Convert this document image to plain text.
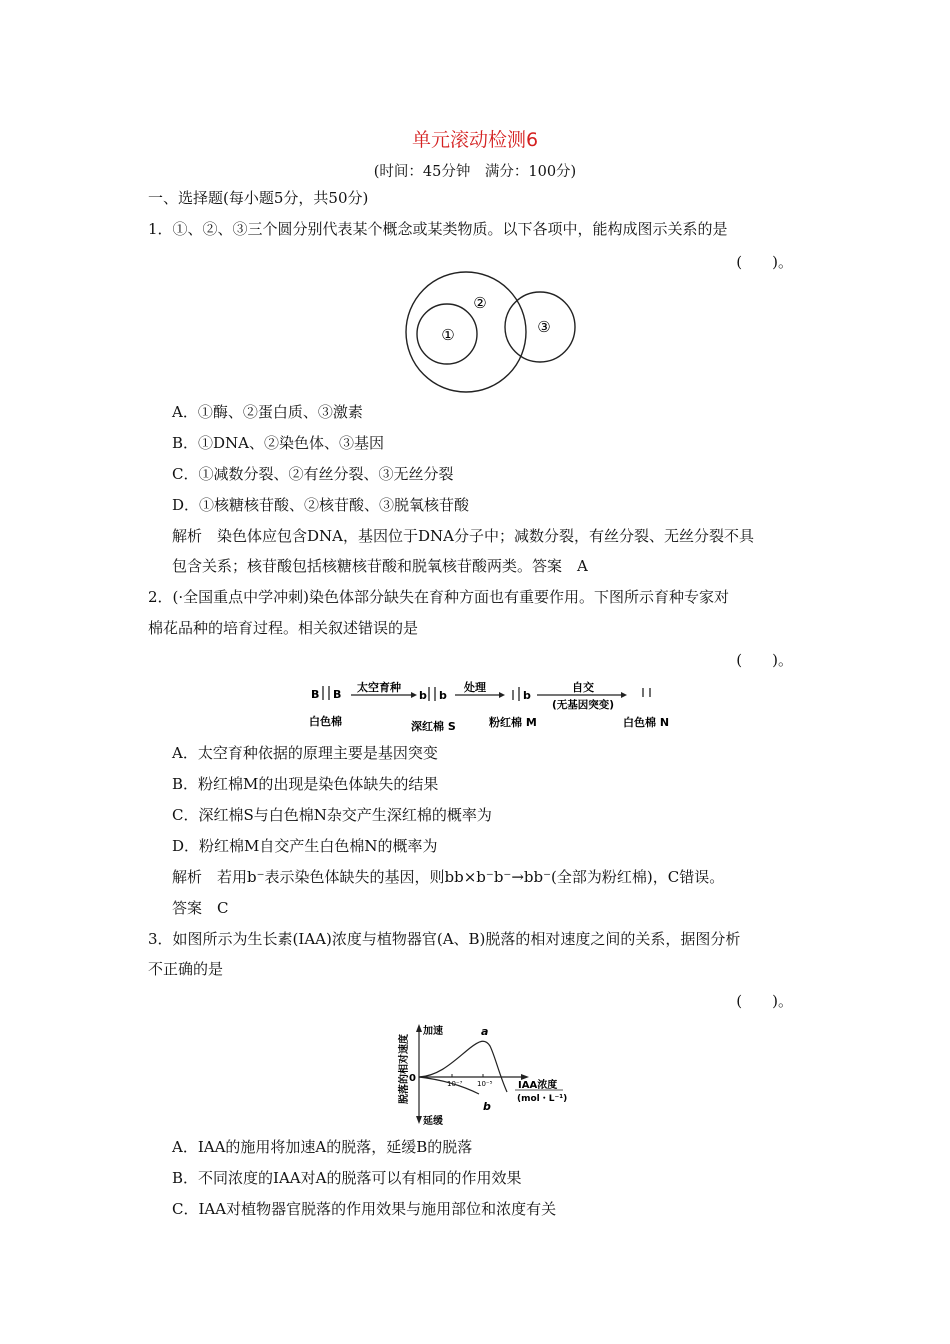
单元滚动检测6
(时间：45分钟　满分：100分)
一、选择题(每小题5分，共50分)
1．①、②、③三个圆分别代表某个概念或某类物质。以下各项中，能构成图示关系的是
(　　)。
②
①	③
A．①酶、②蛋白质、③激素
B．①DNA、②染色体、③基因
C．①减数分裂、②有丝分裂、③无丝分裂
D．①核糖核苷酸、②核苷酸、③脱氧核苷酸
解析　染色体应包含DNA，基因位于DNA分子中；减数分裂，有丝分裂、无丝分裂不具
包含关系；核苷酸包括核糖核苷酸和脱氧核苷酸两类。答案　A
2．(·全国重点中学冲刺)染色体部分缺失在育种方面也有重要作用。下图所示育种专家对
棉花品种的培育过程。相关叙述错误的是
(　　)。
B B
白色棉
太空育种
b b
深红棉 S
处理
b
粉红棉 M
自交
(无基因突变)
白色棉 N
A．太空育种依据的原理主要是基因突变
B．粉红棉M的出现是染色体缺失的结果
C．深红棉S与白色棉N杂交产生深红棉的概率为
D．粉红棉M自交产生白色棉N的概率为
解析　若用b⁻表示染色体缺失的基因，则bb×b⁻b⁻→bb⁻(全部为粉红棉)，C错误。
答案　C
3．如图所示为生长素(IAA)浓度与植物器官(A、B)脱落的相对速度之间的关系，据图分析
不正确的是
(　　)。
脱落的相对速度
加速
延缓
0	10⁻⁷ 10⁻⁵	IAA浓度
(mol・L⁻¹)
a
b
A．IAA的施用将加速A的脱落，延缓B的脱落
B．不同浓度的IAA对A的脱落可以有相同的作用效果
C．IAA对植物器官脱落的作用效果与施用部位和浓度有关
